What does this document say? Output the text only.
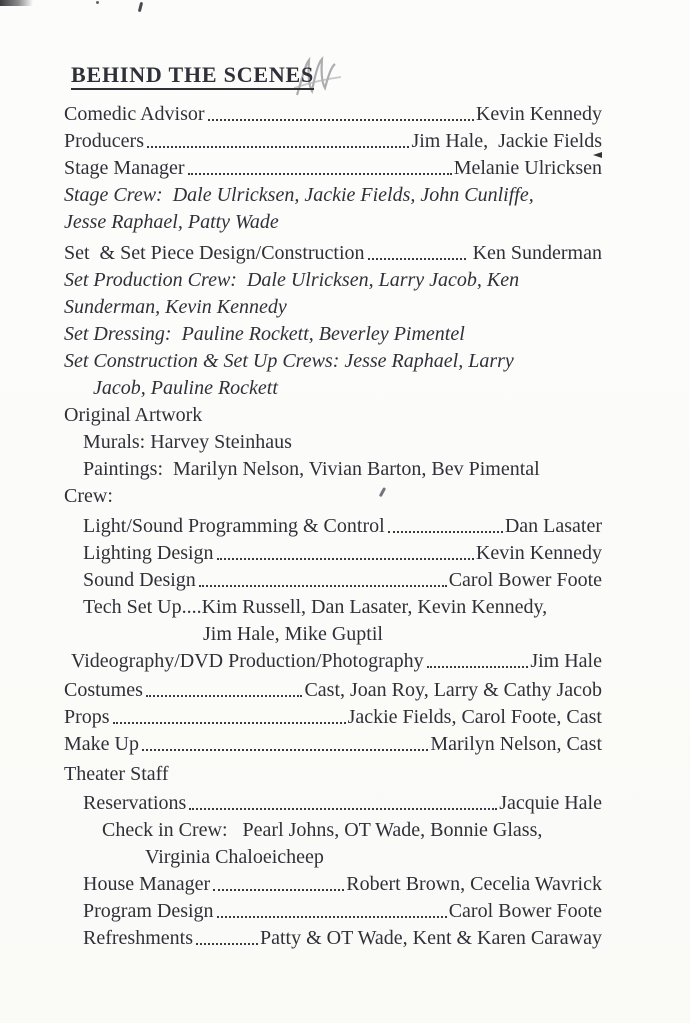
BEHIND THE SCENES
Comedic Advisor	Kevin Kennedy
Producers	Jim Hale,  Jackie Fields
Stage Manager	Melanie Ulricksen
Stage Crew:  Dale Ulricksen, Jackie Fields, John Cunliffe,
Jesse Raphael, Patty Wade
Set  & Set Piece Design/Construction	Ken Sunderman
Set Production Crew:  Dale Ulricksen, Larry Jacob, Ken
Sunderman, Kevin Kennedy
Set Dressing:  Pauline Rockett, Beverley Pimentel
Set Construction & Set Up Crews: Jesse Raphael, Larry
Jacob, Pauline Rockett
Original Artwork
Murals: Harvey Steinhaus
Paintings:  Marilyn Nelson, Vivian Barton, Bev Pimental
Crew:
Light/Sound Programming & Control	Dan Lasater
Lighting Design	Kevin Kennedy
Sound Design	Carol Bower Foote
Tech Set Up....Kim Russell, Dan Lasater, Kevin Kennedy,
Jim Hale, Mike Guptil
Videography/DVD Production/Photography	Jim Hale
Costumes	Cast, Joan Roy, Larry & Cathy Jacob
Props	Jackie Fields, Carol Foote, Cast
Make Up	Marilyn Nelson, Cast
Theater Staff
Reservations	Jacquie Hale
Check in Crew:   Pearl Johns, OT Wade, Bonnie Glass,
Virginia Chaloeicheep
House Manager	Robert Brown, Cecelia Wavrick
Program Design	Carol Bower Foote
Refreshments	Patty & OT Wade, Kent & Karen Caraway
